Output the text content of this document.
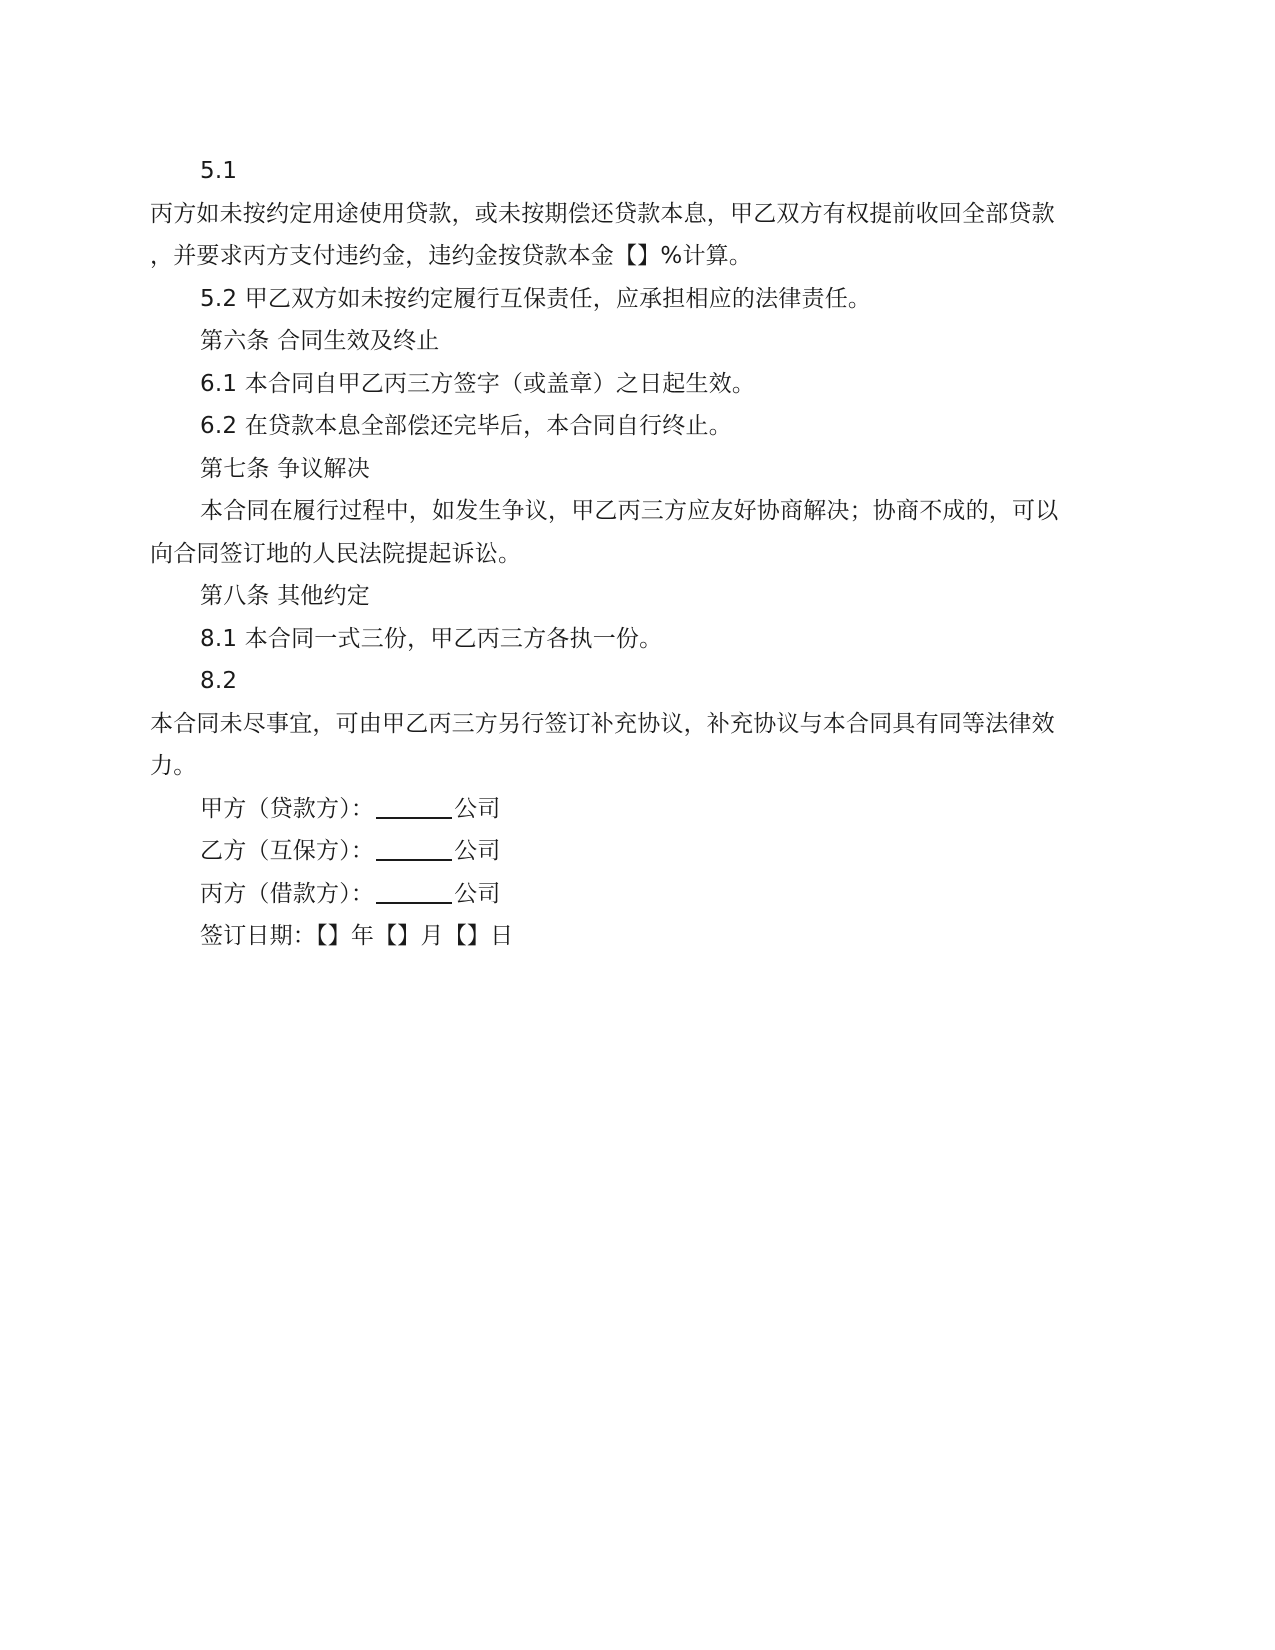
5.1
丙方如未按约定用途使用贷款，或未按期偿还贷款本息，甲乙双方有权提前收回全部贷款
，并要求丙方支付违约金，违约金按贷款本金【】%计算。
5.2 甲乙双方如未按约定履行互保责任，应承担相应的法律责任。
第六条 合同生效及终止
6.1 本合同自甲乙丙三方签字（或盖章）之日起生效。
6.2 在贷款本息全部偿还完毕后，本合同自行终止。
第七条 争议解决
本合同在履行过程中，如发生争议，甲乙丙三方应友好协商解决；协商不成的，可以
向合同签订地的人民法院提起诉讼。
第八条 其他约定
8.1 本合同一式三份，甲乙丙三方各执一份。
8.2
本合同未尽事宜，可由甲乙丙三方另行签订补充协议，补充协议与本合同具有同等法律效
力。
甲方（贷款方）：	公司
乙方（互保方）：	公司
丙方（借款方）：	公司
签订日期：【】年【】月【】日
